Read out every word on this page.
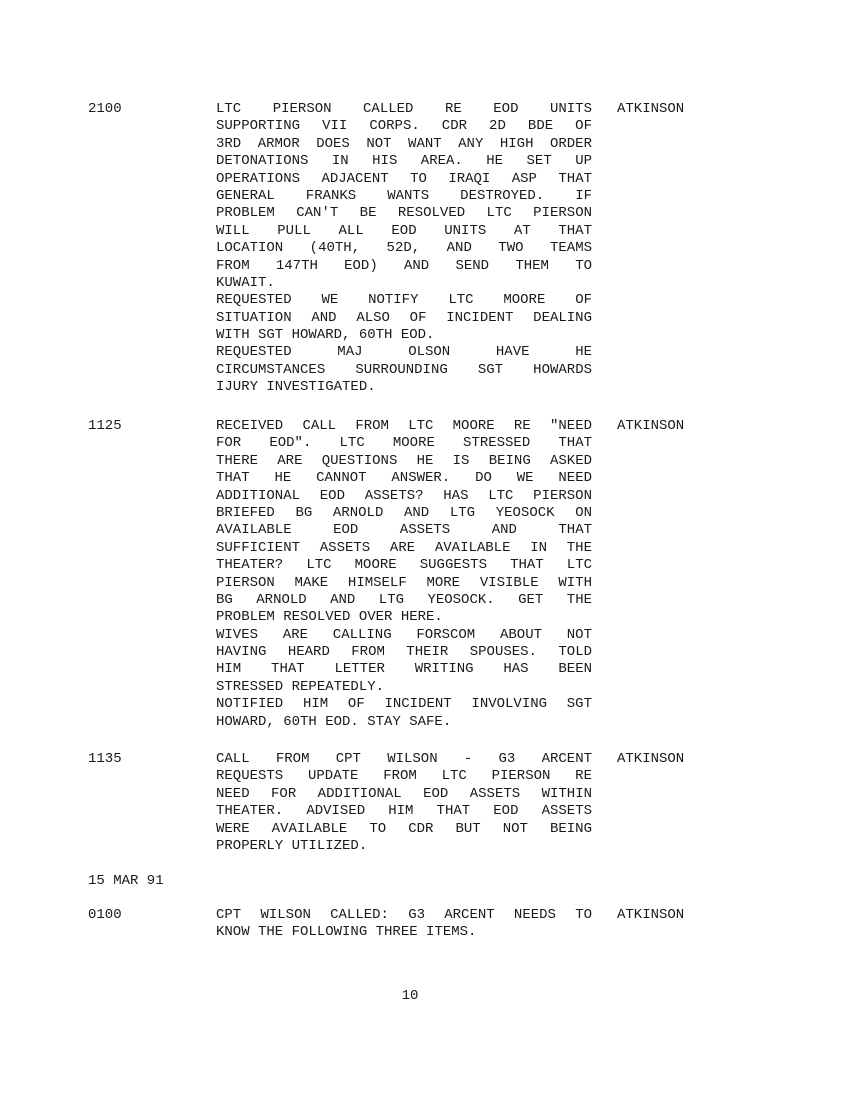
2100	LTC PIERSON CALLED RE EOD UNITS
SUPPORTING VII CORPS. CDR 2D BDE OF
3RD ARMOR DOES NOT WANT ANY HIGH ORDER
DETONATIONS IN HIS AREA. HE SET UP
OPERATIONS ADJACENT TO IRAQI ASP THAT
GENERAL FRANKS WANTS DESTROYED. IF
PROBLEM CAN'T BE RESOLVED LTC PIERSON
WILL PULL ALL EOD UNITS AT THAT
LOCATION (40TH, 52D, AND TWO TEAMS
FROM 147TH EOD) AND SEND THEM TO
KUWAIT.
REQUESTED WE NOTIFY LTC MOORE OF
SITUATION AND ALSO OF INCIDENT DEALING
WITH SGT HOWARD, 60TH EOD.
REQUESTED MAJ OLSON HAVE HE
CIRCUMSTANCES SURROUNDING SGT HOWARDS
IJURY INVESTIGATED.
ATKINSON
1125	RECEIVED CALL FROM LTC MOORE RE "NEED
FOR EOD". LTC MOORE STRESSED THAT
THERE ARE QUESTIONS HE IS BEING ASKED
THAT HE CANNOT ANSWER. DO WE NEED
ADDITIONAL EOD ASSETS? HAS LTC PIERSON
BRIEFED BG ARNOLD AND LTG YEOSOCK ON
AVAILABLE EOD ASSETS AND THAT
SUFFICIENT ASSETS ARE AVAILABLE IN THE
THEATER? LTC MOORE SUGGESTS THAT LTC
PIERSON MAKE HIMSELF MORE VISIBLE WITH
BG ARNOLD AND LTG YEOSOCK. GET THE
PROBLEM RESOLVED OVER HERE.
WIVES ARE CALLING FORSCOM ABOUT NOT
HAVING HEARD FROM THEIR SPOUSES. TOLD
HIM THAT LETTER WRITING HAS BEEN
STRESSED REPEATEDLY.
NOTIFIED HIM OF INCIDENT INVOLVING SGT
HOWARD, 60TH EOD. STAY SAFE.
ATKINSON
1135	CALL FROM CPT WILSON - G3 ARCENT
REQUESTS UPDATE FROM LTC PIERSON RE
NEED FOR ADDITIONAL EOD ASSETS WITHIN
THEATER. ADVISED HIM THAT EOD ASSETS
WERE AVAILABLE TO CDR BUT NOT BEING
PROPERLY UTILIZED.
ATKINSON
15 MAR 91
0100	CPT WILSON CALLED: G3 ARCENT NEEDS TO
KNOW THE FOLLOWING THREE ITEMS.
ATKINSON
10
